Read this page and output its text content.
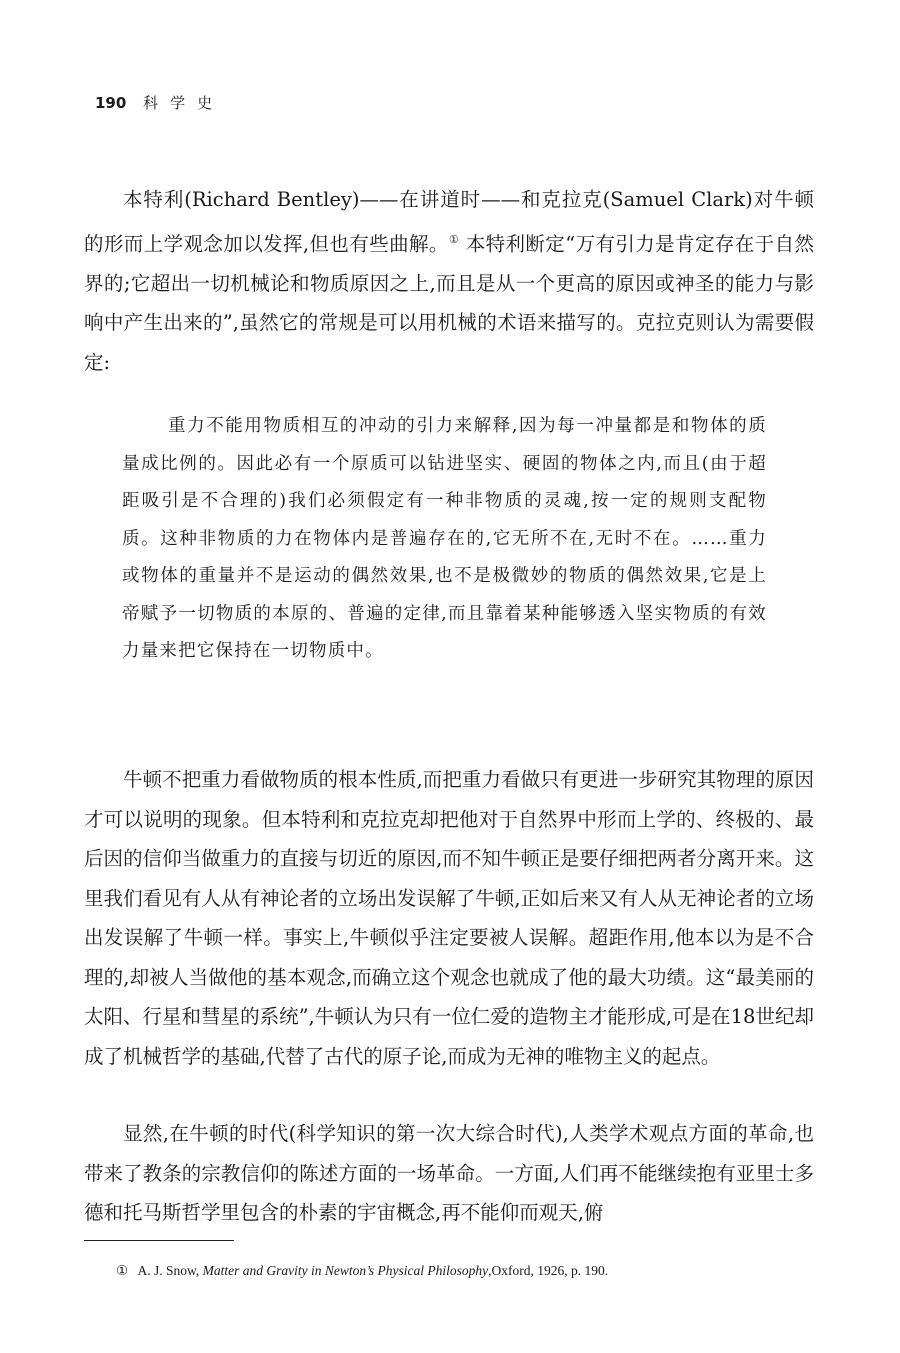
190 科学史

本特利(Richard Bentley)——在讲道时——和克拉克(Samuel Clark)对牛顿的形而上学观念加以发挥,但也有些曲解。① 本特利断定“万有引力是肯定存在于自然界的;它超出一切机械论和物质原因之上,而且是从一个更高的原因或神圣的能力与影响中产生出来的”,虽然它的常规是可以用机械的术语来描写的。克拉克则认为需要假定:

重力不能用物质相互的冲动的引力来解释,因为每一冲量都是和物体的质量成比例的。因此必有一个原质可以钻进坚实、硬固的物体之内,而且(由于超距吸引是不合理的)我们必须假定有一种非物质的灵魂,按一定的规则支配物质。这种非物质的力在物体内是普遍存在的,它无所不在,无时不在。……重力或物体的重量并不是运动的偶然效果,也不是极微妙的物质的偶然效果,它是上帝赋予一切物质的本原的、普遍的定律,而且靠着某种能够透入坚实物质的有效力量来把它保持在一切物质中。

牛顿不把重力看做物质的根本性质,而把重力看做只有更进一步研究其物理的原因才可以说明的现象。但本特利和克拉克却把他对于自然界中形而上学的、终极的、最后因的信仰当做重力的直接与切近的原因,而不知牛顿正是要仔细把两者分离开来。这里我们看见有人从有神论者的立场出发误解了牛顿,正如后来又有人从无神论者的立场出发误解了牛顿一样。事实上,牛顿似乎注定要被人误解。超距作用,他本以为是不合理的,却被人当做他的基本观念,而确立这个观念也就成了他的最大功绩。这“最美丽的太阳、行星和彗星的系统”,牛顿认为只有一位仁爱的造物主才能形成,可是在18世纪却成了机械哲学的基础,代替了古代的原子论,而成为无神的唯物主义的起点。

显然,在牛顿的时代(科学知识的第一次大综合时代),人类学术观点方面的革命,也带来了教条的宗教信仰的陈述方面的一场革命。一方面,人们再不能继续抱有亚里士多德和托马斯哲学里包含的朴素的宇宙概念,再不能仰而观天,俯

① A. J. Snow, Matter and Gravity in Newton’s Physical Philosophy,Oxford, 1926, p. 190.
